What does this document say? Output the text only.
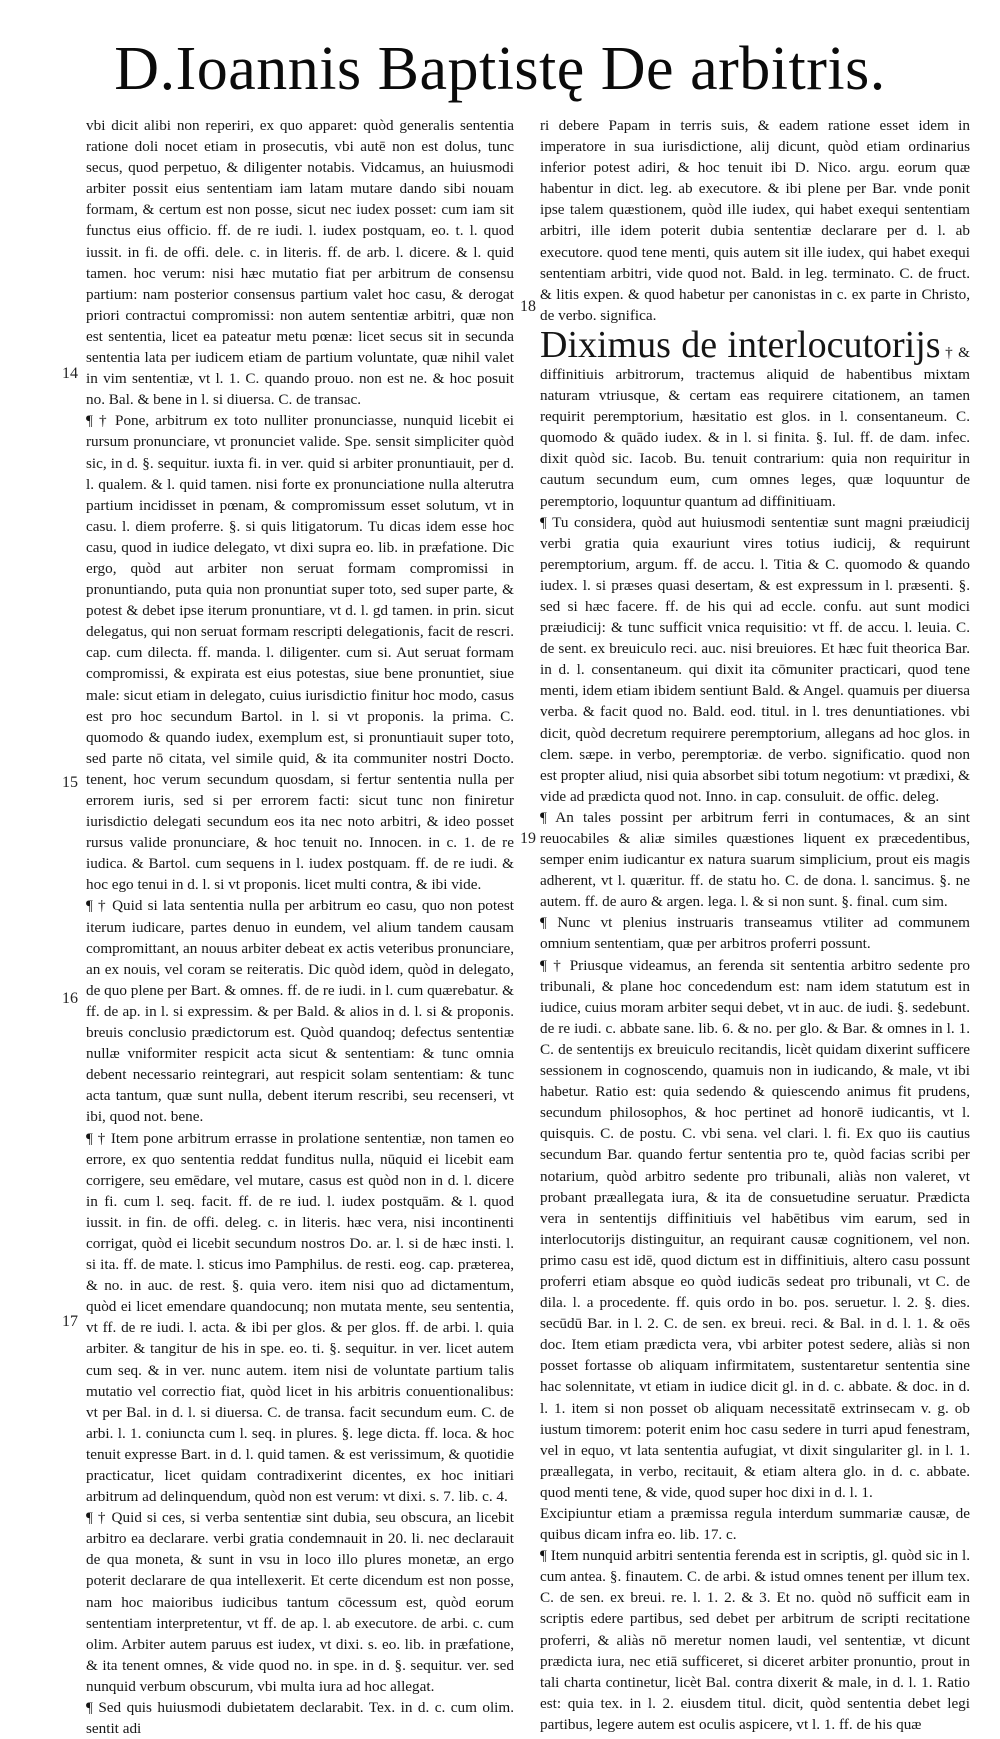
D.Ioannis Baptistę De arbitris.
14
15
16
17
18
19

vbi dicit alibi non reperiri, ex quo apparet: quòd generalis sententia ratione doli nocet etiam in prosecutis, vbi autē non est dolus, tunc secus, quod perpetuo, & diligenter notabis. Vidcamus, an huiusmodi arbiter possit eius sententiam iam latam mutare dando sibi nouam formam, & certum est non posse, sicut nec iudex posset: cum iam sit functus eius officio. ff. de re iudi. l. iudex postquam, eo. t. l. quod iussit. in fi. de offi. dele. c. in literis. ff. de arb. l. dicere. & l. quid tamen. hoc verum: nisi hæc mutatio fiat per arbitrum de consensu partium: nam posterior consensus partium valet hoc casu, & derogat priori contractui compromissi: non autem sententiæ arbitri, quæ non est sententia, licet ea pateatur metu pœnæ: licet secus sit in secunda sententia lata per iudicem etiam de partium voluntate, quæ nihil valet in vim sententiæ, vt l. 1. C. quando prouo. non est ne. & hoc posuit no. Bal. & bene in l. si diuersa. C. de transac.

¶ † Pone, arbitrum ex toto nulliter pronunciasse, nunquid licebit ei rursum pronunciare, vt pronunciet valide. Spe. sensit simpliciter quòd sic, in d. §. sequitur. iuxta fi. in ver. quid si arbiter pronuntiauit, per d. l. qualem. & l. quid tamen. nisi forte ex pronunciatione nulla alterutra partium incidisset in pœnam, & compromissum esset solutum, vt in casu. l. diem proferre. §. si quis litigatorum. Tu dicas idem esse hoc casu, quod in iudice delegato, vt dixi supra eo. lib. in præfatione. Dic ergo, quòd aut arbiter non seruat formam compromissi in pronuntiando, puta quia non pronuntiat super toto, sed super parte, & potest & debet ipse iterum pronuntiare, vt d. l. gd tamen. in prin. sicut delegatus, qui non seruat formam rescripti delegationis, facit de rescri. cap. cum dilecta. ff. manda. l. diligenter. cum si. Aut seruat formam compromissi, & expirata est eius potestas, siue bene pronuntiet, siue male: sicut etiam in delegato, cuius iurisdictio finitur hoc modo, casus est pro hoc secundum Bartol. in l. si vt proponis. la prima. C. quomodo & quando iudex, exemplum est, si pronuntiauit super toto, sed parte nō citata, vel simile quid, & ita communiter nostri Docto. tenent, hoc verum secundum quosdam, si fertur sententia nulla per errorem iuris, sed si per errorem facti: sicut tunc non finiretur iurisdictio delegati secundum eos ita nec noto arbitri, & ideo posset rursus valide pronunciare, & hoc tenuit no. Innocen. in c. 1. de re iudica. & Bartol. cum sequens in l. iudex postquam. ff. de re iudi. & hoc ego tenui in d. l. si vt proponis. licet multi contra, & ibi vide.

¶ † Quid si lata sententia nulla per arbitrum eo casu, quo non potest iterum iudicare, partes denuo in eundem, vel alium tandem causam compromittant, an nouus arbiter debeat ex actis veteribus pronunciare, an ex nouis, vel coram se reiteratis. Dic quòd idem, quòd in delegato, de quo plene per Bart. & omnes. ff. de re iudi. in l. cum quærebatur. & ff. de ap. in l. si expressim. & per Bald. & alios in d. l. si & proponis. breuis conclusio prædictorum est. Quòd quandoq; defectus sententiæ nullæ vniformiter respicit acta sicut & sententiam: & tunc omnia debent necessario reintegrari, aut respicit solam sententiam: & tunc acta tantum, quæ sunt nulla, debent iterum rescribi, seu recenseri, vt ibi, quod not. bene.

¶ † Item pone arbitrum errasse in prolatione sententiæ, non tamen eo errore, ex quo sententia reddat funditus nulla, nūquid ei licebit eam corrigere, seu emēdare, vel mutare, casus est quòd non in d. l. dicere in fi. cum l. seq. facit. ff. de re iud. l. iudex postquām. & l. quod iussit. in fin. de offi. deleg. c. in literis. hæc vera, nisi incontinenti corrigat, quòd ei licebit secundum nostros Do. ar. l. si de hæc insti. l. si ita. ff. de mate. l. sticus imo Pamphilus. de resti. eog. cap. præterea, & no. in auc. de rest. §. quia vero. item nisi quo ad dictamentum, quòd ei licet emendare quandocunq; non mutata mente, seu sententia, vt ff. de re iudi. l. acta. & ibi per glos. & per glos. ff. de arbi. l. quia arbiter. & tangitur de his in spe. eo. ti. §. sequitur. in ver. licet autem cum seq. & in ver. nunc autem. item nisi de voluntate partium talis mutatio vel correctio fiat, quòd licet in his arbitris conuentionalibus: vt per Bal. in d. l. si diuersa. C. de transa. facit secundum eum. C. de arbi. l. 1. coniuncta cum l. seq. in plures. §. lege dicta. ff. loca. & hoc tenuit expresse Bart. in d. l. quid tamen. & est verissimum, & quotidie practicatur, licet quidam contradixerint dicentes, ex hoc initiari arbitrum ad delinquendum, quòd non est verum: vt dixi. s. 7. lib. c. 4.

¶ † Quid si ces, si verba sententiæ sint dubia, seu obscura, an licebit arbitro ea declarare. verbi gratia condemnauit in 20. li. nec declarauit de qua moneta, & sunt in vsu in loco illo plures monetæ, an ergo poterit declarare de qua intellexerit. Et certe dicendum est non posse, nam hoc maioribus iudicibus tantum cōcessum est, quòd eorum sententiam interpretentur, vt ff. de ap. l. ab executore. de arbi. c. cum olim. Arbiter autem paruus est iudex, vt dixi. s. eo. lib. in præfatione, & ita tenent omnes, & vide quod no. in spe. in d. §. sequitur. ver. sed nunquid verbum obscurum, vbi multa iura ad hoc allegat.

¶ Sed quis huiusmodi dubietatem declarabit. Tex. in d. c. cum olim. sentit adi

ri debere Papam in terris suis, & eadem ratione esset idem in imperatore in sua iurisdictione, alij dicunt, quòd etiam ordinarius inferior potest adiri, & hoc tenuit ibi D. Nico. argu. eorum quæ habentur in dict. leg. ab executore. & ibi plene per Bar. vnde ponit ipse talem quæstionem, quòd ille iudex, qui habet exequi sententiam arbitri, ille idem poterit dubia sententiæ declarare per d. l. ab executore. quod tene menti, quis autem sit ille iudex, qui habet exequi sententiam arbitri, vide quod not. Bald. in leg. terminato. C. de fruct. & litis expen. & quod habetur per canonistas in c. ex parte in Christo, de verbo. significa.

Diximus de interlocutorijs † & diffinitiuis arbitrorum, tractemus aliquid de habentibus mixtam naturam vtriusque, & certam eas requirere citationem, an tamen requirit peremptorium, hæsitatio est glos. in l. consentaneum. C. quomodo & quādo iudex. & in l. si finita. §. Iul. ff. de dam. infec. dixit quòd sic. Iacob. Bu. tenuit contrarium: quia non requiritur in cautum secundum eum, cum omnes leges, quæ loquuntur de peremptorio, loquuntur quantum ad diffinitiuam.

¶ Tu considera, quòd aut huiusmodi sententiæ sunt magni præiudicij verbi gratia quia exauriunt vires totius iudicij, & requirunt peremptorium, argum. ff. de accu. l. Titia & C. quomodo & quando iudex. l. si præses quasi desertam, & est expressum in l. præsenti. §. sed si hæc facere. ff. de his qui ad eccle. confu. aut sunt modici præiudicij: & tunc sufficit vnica requisitio: vt ff. de accu. l. leuia. C. de sent. ex breuiculo reci. auc. nisi breuiores. Et hæc fuit theorica Bar. in d. l. consentaneum. qui dixit ita cōmuniter practicari, quod tene menti, idem etiam ibidem sentiunt Bald. & Angel. quamuis per diuersa verba. & facit quod no. Bald. eod. titul. in l. tres denuntiationes. vbi dicit, quòd decretum requirere peremptorium, allegans ad hoc glos. in clem. sæpe. in verbo, peremptoriæ. de verbo. significatio. quod non est propter aliud, nisi quia absorbet sibi totum negotium: vt prædixi, & vide ad prædicta quod not. Inno. in cap. consuluit. de offic. deleg.

¶ An tales possint per arbitrum ferri in contumaces, & an sint reuocabiles & aliæ similes quæstiones liquent ex præcedentibus, semper enim iudicantur ex natura suarum simplicium, prout eis magis adherent, vt l. quæritur. ff. de statu ho. C. de dona. l. sancimus. §. ne autem. ff. de auro & argen. lega. l. & si non sunt. §. final. cum sim.

¶ Nunc vt plenius instruaris transeamus vtiliter ad communem omnium sententiam, quæ per arbitros proferri possunt.

¶ † Priusque videamus, an ferenda sit sententia arbitro sedente pro tribunali, & plane hoc concedendum est: nam idem statutum est in iudice, cuius moram arbiter sequi debet, vt in auc. de iudi. §. sedebunt. de re iudi. c. abbate sane. lib. 6. & no. per glo. & Bar. & omnes in l. 1. C. de sententijs ex breuiculo recitandis, licèt quidam dixerint sufficere sessionem in cognoscendo, quamuis non in iudicando, & male, vt ibi habetur. Ratio est: quia sedendo & quiescendo animus fit prudens, secundum philosophos, & hoc pertinet ad honorē iudicantis, vt l. quisquis. C. de postu. C. vbi sena. vel clari. l. fi. Ex quo iis cautius secundum Bar. quando fertur sententia pro te, quòd facias scribi per notarium, quòd arbitro sedente pro tribunali, aliàs non valeret, vt probant præallegata iura, & ita de consuetudine seruatur. Prædicta vera in sententijs diffinitiuis vel habētibus vim earum, sed in interlocutorijs distinguitur, an requirant causæ cognitionem, vel non. primo casu est idē, quod dictum est in diffinitiuis, altero casu possunt proferri etiam absque eo quòd iudicās sedeat pro tribunali, vt C. de dila. l. a procedente. ff. quis ordo in bo. pos. seruetur. l. 2. §. dies. secūdū Bar. in l. 2. C. de sen. ex breui. reci. & Bal. in d. l. 1. & oēs doc. Item etiam prædicta vera, vbi arbiter potest sedere, aliàs si non posset fortasse ob aliquam infirmitatem, sustentaretur sententia sine hac solennitate, vt etiam in iudice dicit gl. in d. c. abbate. & doc. in d. l. 1. item si non posset ob aliquam necessitatē extrinsecam v. g. ob iustum timorem: poterit enim hoc casu sedere in turri apud fenestram, vel in equo, vt lata sententia aufugiat, vt dixit singulariter gl. in l. 1. præallegata, in verbo, recitauit, & etiam altera glo. in d. c. abbate. quod menti tene, & vide, quod super hoc dixi in d. l. 1.

Excipiuntur etiam a præmissa regula interdum summariæ causæ, de quibus dicam infra eo. lib. 17. c.

¶ Item nunquid arbitri sententia ferenda est in scriptis, gl. quòd sic in l. cum antea. §. finautem. C. de arbi. & istud omnes tenent per illum tex. C. de sen. ex breui. re. l. 1. 2. & 3. Et no. quòd nō sufficit eam in scriptis edere partibus, sed debet per arbitrum de scripti recitatione proferri, & aliàs nō meretur nomen laudi, vel sententiæ, vt dicunt prædicta iura, nec etiā sufficeret, si diceret arbiter pronuntio, prout in tali charta continetur, licèt Bal. contra dixerit & male, in d. l. 1. Ratio est: quia tex. in l. 2. eiusdem titul. dicit, quòd sententia debet legi partibus, legere autem est oculis aspicere, vt l. 1. ff. de his quæ
